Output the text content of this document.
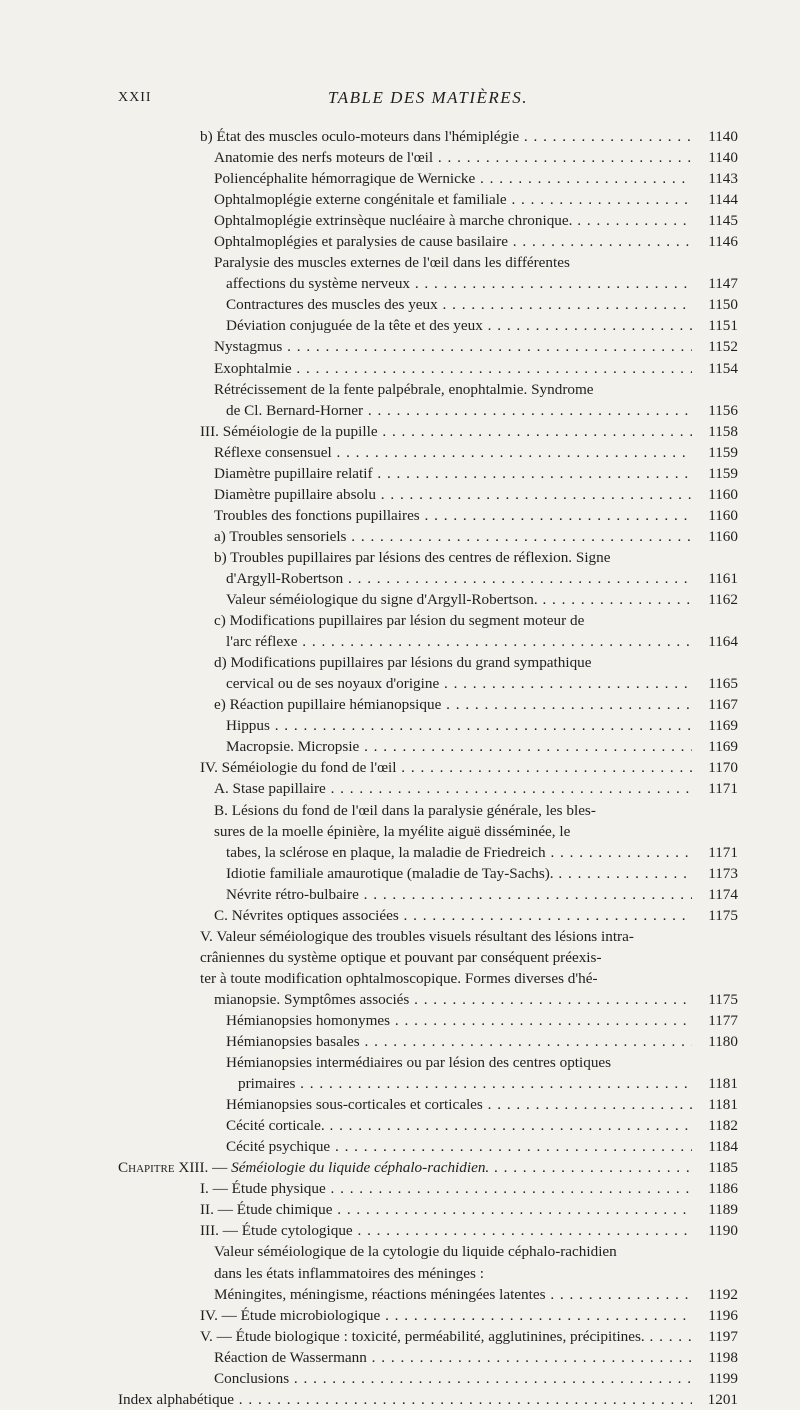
XXII	TABLE DES MATIÈRES.
b) État des muscles oculo-moteurs dans l'hémiplégie . . .	1140
Anatomie des nerfs moteurs de l'œil . . .	1140
Poliencéphalite hémorragique de Wernicke . . .	1143
Ophtalmoplégie externe congénitale et familiale . . .	1144
Ophtalmoplégie extrinsèque nucléaire à marche chronique. . . .	1145
Ophtalmoplégies et paralysies de cause basilaire . . .	1146
Paralysie des muscles externes de l'œil dans les différentes
affections du système nerveux . . .	1147
Contractures des muscles des yeux . . .	1150
Déviation conjuguée de la tête et des yeux . . .	1151
Nystagmus . . .	1152
Exophtalmie . . .	1154
Rétrécissement de la fente palpébrale, enophtalmie. Syndrome
de Cl. Bernard-Horner . . .	1156
III. Séméiologie de la pupille . . .	1158
Réflexe consensuel . . .	1159
Diamètre pupillaire relatif . . .	1159
Diamètre pupillaire absolu . . .	1160
Troubles des fonctions pupillaires . . .	1160
a) Troubles sensoriels . . .	1160
b) Troubles pupillaires par lésions des centres de réflexion. Signe
d'Argyll-Robertson . . .	1161
Valeur séméiologique du signe d'Argyll-Robertson. . . .	1162
c) Modifications pupillaires par lésion du segment moteur de
l'arc réflexe . . .	1164
d) Modifications pupillaires par lésions du grand sympathique
cervical ou de ses noyaux d'origine . . .	1165
e) Réaction pupillaire hémianopsique . . .	1167
Hippus . . .	1169
Macropsie. Micropsie . . .	1169
IV. Séméiologie du fond de l'œil . . .	1170
A. Stase papillaire . . .	1171
B. Lésions du fond de l'œil dans la paralysie générale, les bles-
sures de la moelle épinière, la myélite aiguë disséminée, le
tabes, la sclérose en plaque, la maladie de Friedreich . . .	1171
Idiotie familiale amaurotique (maladie de Tay-Sachs). . . .	1173
Névrite rétro-bulbaire . . .	1174
C. Névrites optiques associées . . .	1175
V. Valeur séméiologique des troubles visuels résultant des lésions intra-
crâniennes du système optique et pouvant par conséquent préexis-
ter à toute modification ophtalmoscopique. Formes diverses d'hé-
mianopsie. Symptômes associés . . .	1175
Hémianopsies homonymes . . .	1177
Hémianopsies basales . . .	1180
Hémianopsies intermédiaires ou par lésion des centres optiques
primaires . . .	1181
Hémianopsies sous-corticales et corticales . . .	1181
Cécité corticale. . . .	1182
Cécité psychique . . .	1184
Chapitre XIII. — Séméiologie du liquide céphalo-rachidien. . . .	1185
I. — Étude physique . . .	1186
II. — Étude chimique . . .	1189
III. — Étude cytologique . . .	1190
Valeur séméiologique de la cytologie du liquide céphalo-rachidien
dans les états inflammatoires des méninges :
Méningites, méningisme, réactions méningées latentes . . .	1192
IV. — Étude microbiologique . . .	1196
V. — Étude biologique : toxicité, perméabilité, agglutinines, précipitines. . . .	1197
Réaction de Wassermann . . .	1198
Conclusions . . .	1199
Index alphabétique . . .	1201
